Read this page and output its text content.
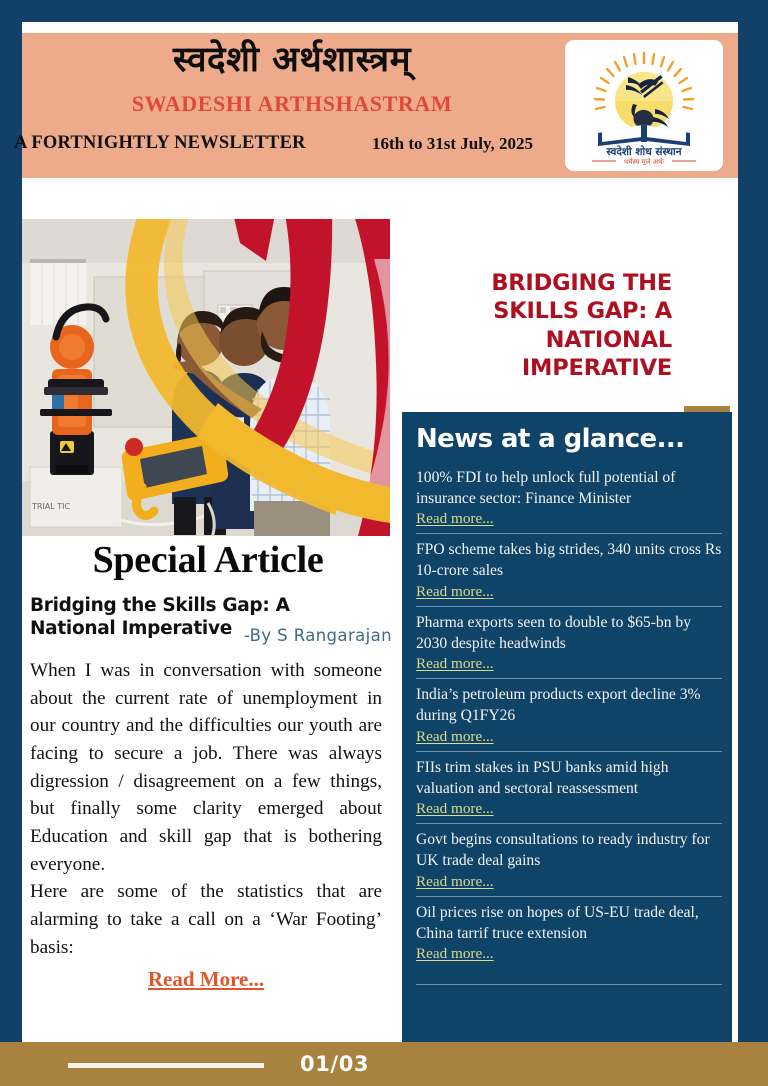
स्वदेशी अर्थशास्त्रम्
SWADESHI ARTHSHASTRAM
A FORTNIGHTLY NEWSLETTER	16th to 31st July, 2025	स्वदेशी शोध संस्थान
धर्मस्य मूले अर्थः
Economics & more...
TRIAL TIC
BRIDGING THE SKILLS GAP: A NATIONAL IMPERATIVE
News at a glance...
100% FDI to help unlock full potential of insurance sector: Finance Minister
Read more...
FPO scheme takes big strides, 340 units cross Rs 10-crore sales
Read more...
Pharma exports seen to double to $65-bn by 2030 despite headwinds
Read more...
India’s petroleum products export decline 3% during Q1FY26
Read more...
FIIs trim stakes in PSU banks amid high valuation and sectoral reassessment
Read more...
Govt begins consultations to ready industry for UK trade deal gains
Read more...
Oil prices rise on hopes of US-EU trade deal, China tarrif truce extension
Read more...
Special Article
Bridging the Skills Gap: A National Imperative -By S Rangarajan

When I was in conversation with someone about the current rate of unemployment in our country and the difficulties our youth are facing to secure a job. There was always digression / disagreement on a few things, but finally some clarity emerged about Education and skill gap that is bothering everyone.

Here are some of the statistics that are alarming to take a call on a ‘War Footing’ basis:

Read More...
01/03
